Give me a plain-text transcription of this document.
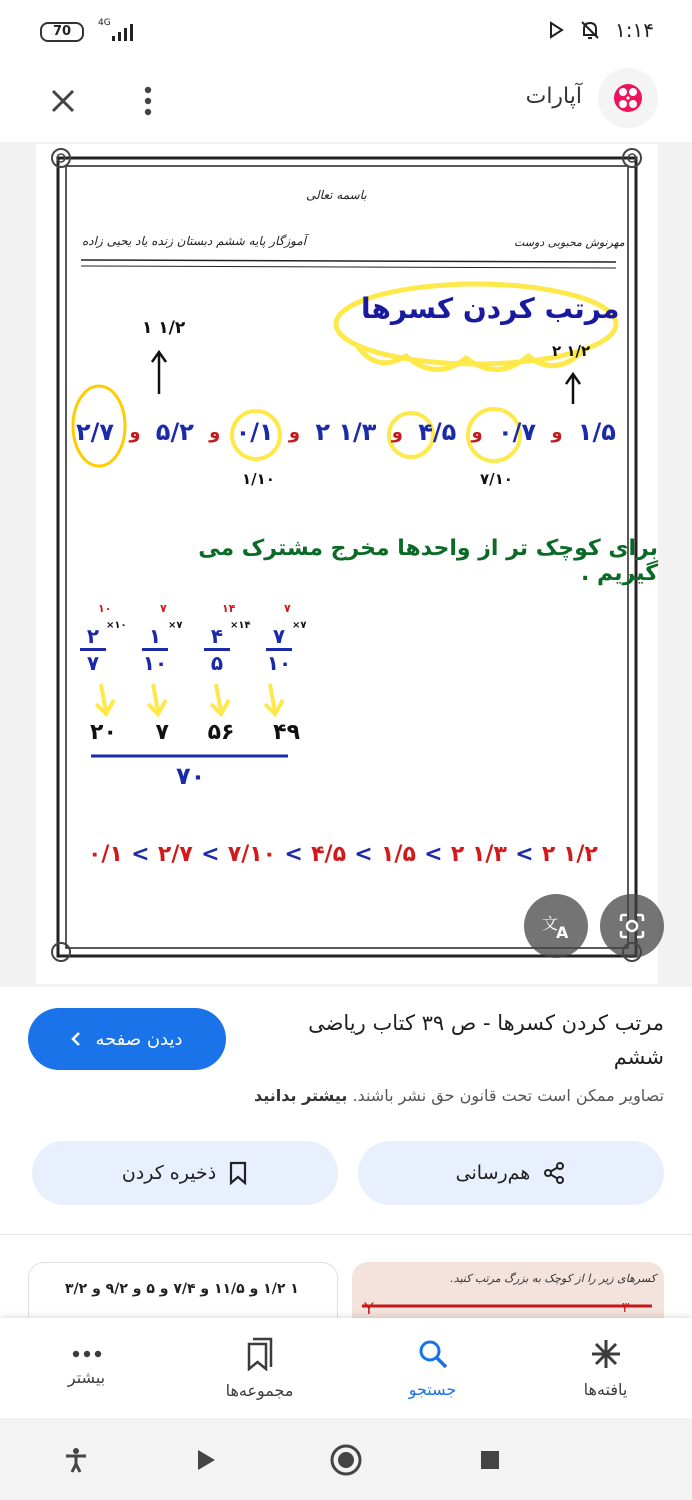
70
4G	۱:۱۴
آپارات
باسمه تعالی
آموزگار پایه ششم دبستان زنده یاد یحیی زاده	مهرنوش محبوبی دوست
مرتب کردن کسرها
۱/۵
و
۰/۷
و
۴/۵
و
۲ ۱/۳
و
۰/۱
و
۵/۲
و
۲/۷
۱ ۱/۲
۲ ۱/۲
۱/۱۰	۷/۱۰
برای کوچک تر از واحدها مخرج مشترک می گیریم .
۱۰
۲
۷
×۱۰
۷
۱
۱۰
×۷
۱۴
۴
۵
×۱۴
۷
۷
۱۰
×۷
۴۹
۵۶
۷
۲۰
۷۰
۰/۱ < ۲/۷ < ۷/۱۰ < ۴/۵ < ۱/۵ < ۲ ۱/۳ < ۲ ۱/۲
文
A
مرتب کردن کسرها - ص ۳۹ کتاب ریاضی ششم
دیدن صفحه
تصاویر ممکن است تحت قانون حق نشر باشند. بیشتر بدانید
هم‌رسانی
ذخیره کردن
۱ ۱/۲ و ۱۱/۵ و ۷/۴ و ۵ و ۹/۲ و ۳/۲
کسرهای زیر را از کوچک به بزرگ مرتب کنید.
Y	۳
بیشتر
مجموعه‌ها	جستجو	یافته‌ها
